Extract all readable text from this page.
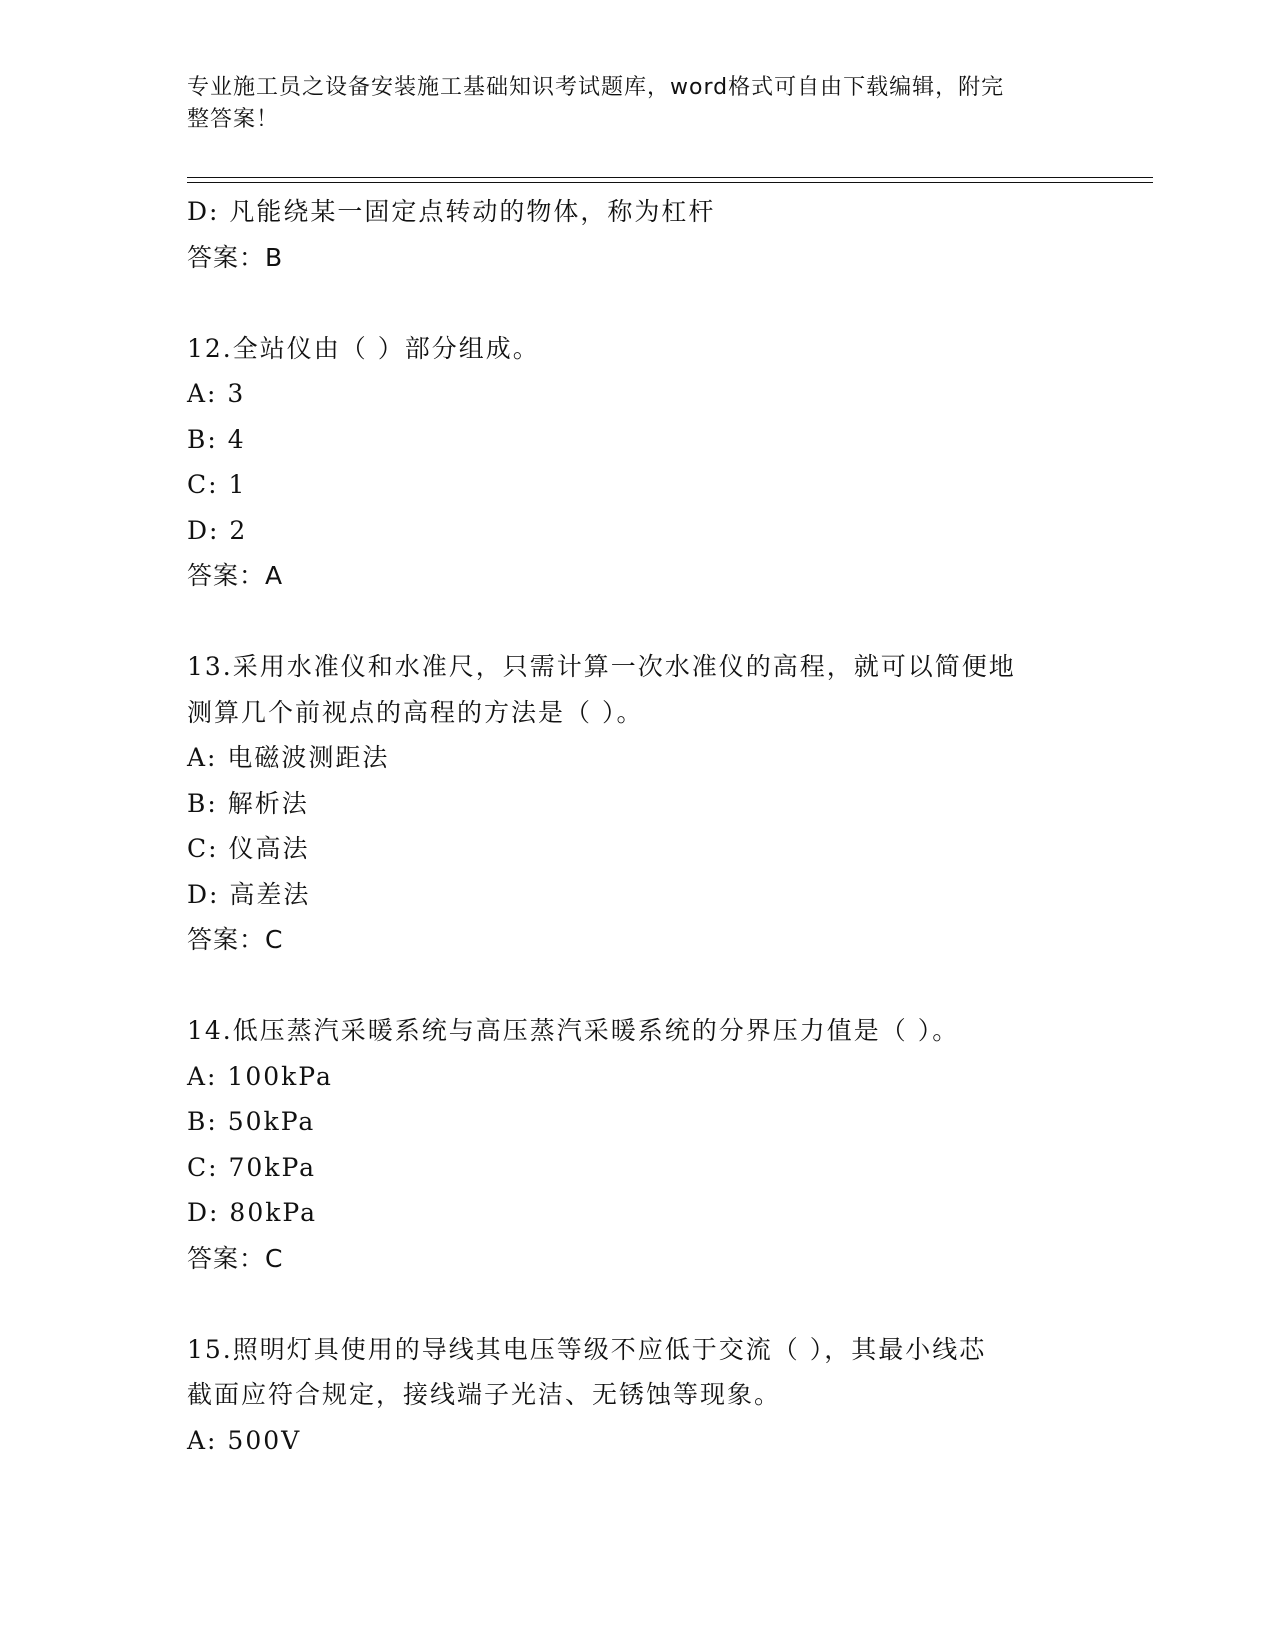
专业施工员之设备安装施工基础知识考试题库，word格式可自由下载编辑，附完
整答案！
D: 凡能绕某一固定点转动的物体，称为杠杆
答案：B
12.全站仪由（ ）部分组成。
A: 3
B: 4
C: 1
D: 2
答案：A
13.采用水准仪和水准尺，只需计算一次水准仪的高程，就可以简便地
测算几个前视点的高程的方法是（ ）。
A: 电磁波测距法
B: 解析法
C: 仪高法
D: 高差法
答案：C
14.低压蒸汽采暖系统与高压蒸汽采暖系统的分界压力值是（ ）。
A: 100kPa
B: 50kPa
C: 70kPa
D: 80kPa
答案：C
15.照明灯具使用的导线其电压等级不应低于交流（ ），其最小线芯
截面应符合规定，接线端子光洁、无锈蚀等现象。
A: 500V
